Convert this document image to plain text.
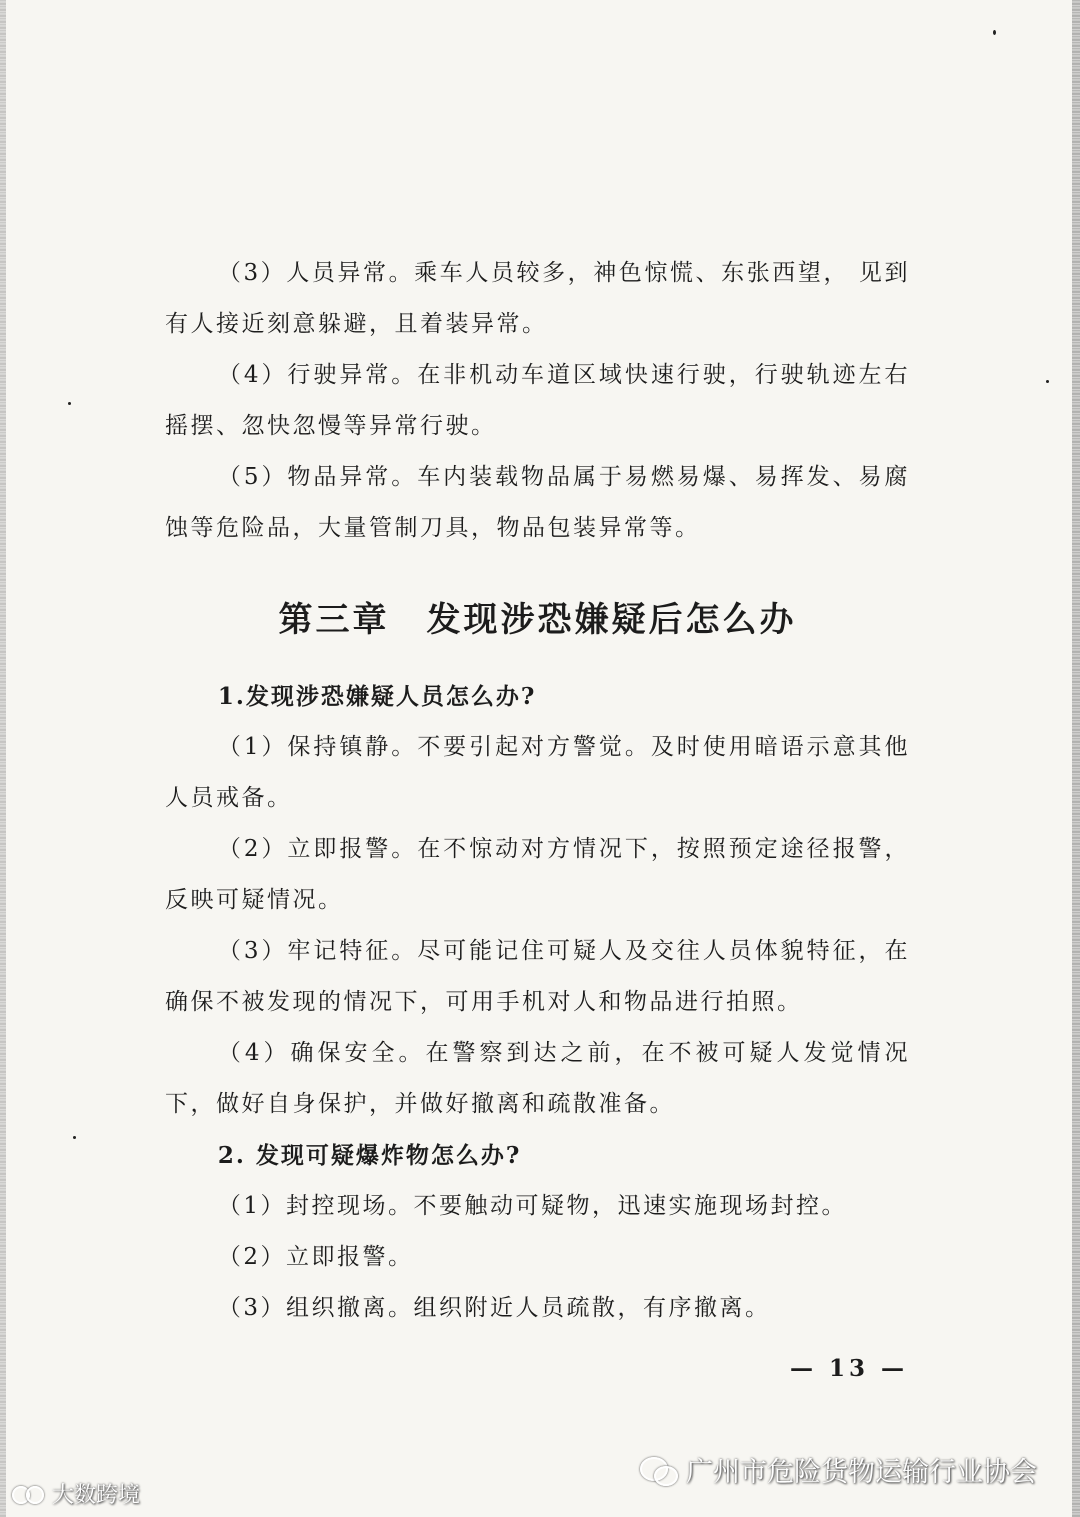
（3）人员异常。乘车人员较多，神色惊慌、东张西望， 见到有人接近刻意躲避，且着装异常。

（4）行驶异常。在非机动车道区域快速行驶，行驶轨迹左右摇摆、忽快忽慢等异常行驶。

（5）物品异常。车内装载物品属于易燃易爆、易挥发、易腐蚀等危险品，大量管制刀具，物品包装异常等。

第三章　发现涉恐嫌疑后怎么办

1.发现涉恐嫌疑人员怎么办?

（1）保持镇静。不要引起对方警觉。及时使用暗语示意其他人员戒备。

（2）立即报警。在不惊动对方情况下，按照预定途径报警，反映可疑情况。

（3）牢记特征。尽可能记住可疑人及交往人员体貌特征，在确保不被发现的情况下，可用手机对人和物品进行拍照。

（4）确保安全。在警察到达之前，在不被可疑人发觉情况下，做好自身保护，并做好撤离和疏散准备。

2. 发现可疑爆炸物怎么办?

（1）封控现场。不要触动可疑物，迅速实施现场封控。

（2）立即报警。

（3）组织撤离。组织附近人员疏散，有序撤离。

— 13 —
广州市危险货物运输行业协会
大数跨境
